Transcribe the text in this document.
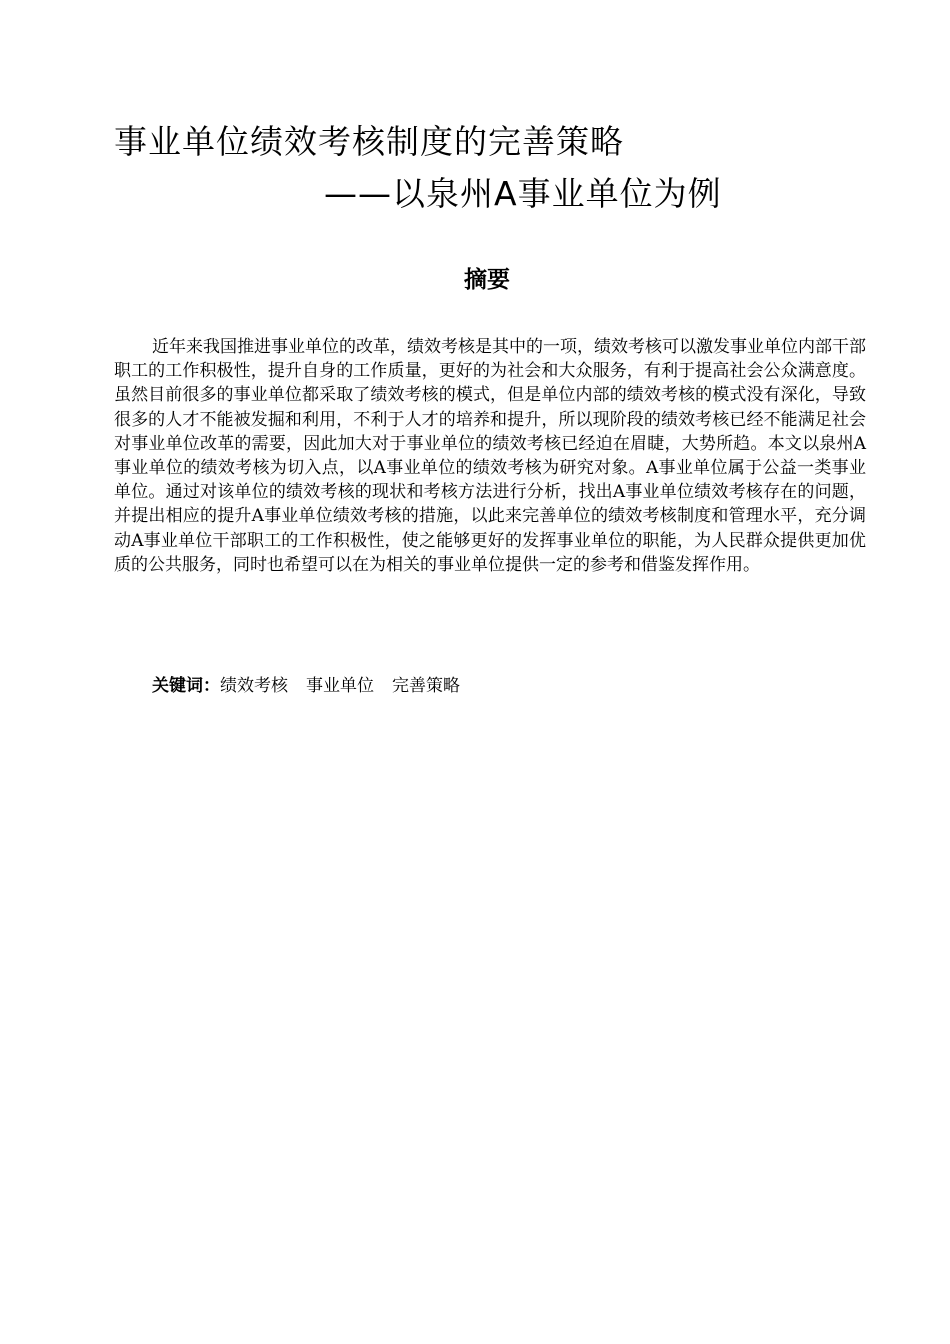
事业单位绩效考核制度的完善策略
——以泉州A事业单位为例
摘要
近年来我国推进事业单位的改革，绩效考核是其中的一项，绩效考核可以激发事业单位内部干部职工的工作积极性，提升自身的工作质量，更好的为社会和大众服务，有利于提高社会公众满意度。虽然目前很多的事业单位都采取了绩效考核的模式，但是单位内部的绩效考核的模式没有深化，导致很多的人才不能被发掘和利用，不利于人才的培养和提升，所以现阶段的绩效考核已经不能满足社会对事业单位改革的需要，因此加大对于事业单位的绩效考核已经迫在眉睫，大势所趋。本文以泉州A事业单位的绩效考核为切入点，以A事业单位的绩效考核为研究对象。A事业单位属于公益一类事业单位。通过对该单位的绩效考核的现状和考核方法进行分析，找出A事业单位绩效考核存在的问题，并提出相应的提升A事业单位绩效考核的措施，以此来完善单位的绩效考核制度和管理水平，充分调动A事业单位干部职工的工作积极性，使之能够更好的发挥事业单位的职能，为人民群众提供更加优质的公共服务，同时也希望可以在为相关的事业单位提供一定的参考和借鉴发挥作用。
关键词：绩效考核 事业单位 完善策略
